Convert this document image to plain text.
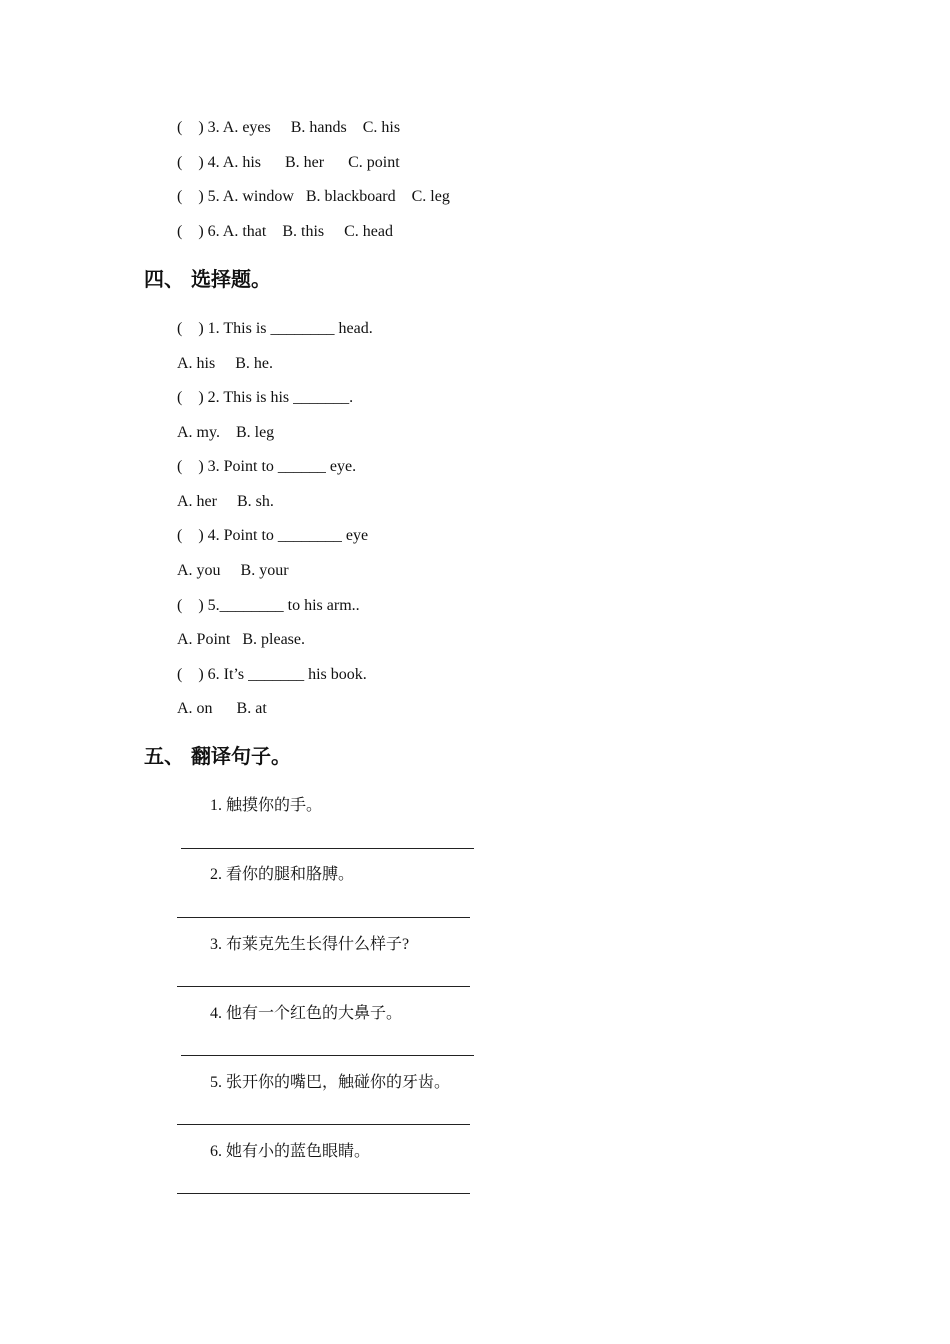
(    ) 3. A. eyes     B. hands    C. his
(    ) 4. A. his      B. her      C. point
(    ) 5. A. window   B. blackboard    C. leg
(    ) 6. A. that    B. this     C. head
四、 选择题。
(    ) 1. This is ________ head.
A. his     B. he.
(    ) 2. This is his _______.
A. my.    B. leg
(    ) 3. Point to ______ eye.
A. her     B. sh.
(    ) 4. Point to ________ eye
A. you     B. your
(    ) 5.________ to his arm..
A. Point   B. please.
(    ) 6. It’s _______ his book.
A. on      B. at
五、 翻译句子。
1. 触摸你的手。
2. 看你的腿和胳膊。
3. 布莱克先生长得什么样子?
4. 他有一个红色的大鼻子。
5. 张开你的嘴巴，触碰你的牙齿。
6. 她有小的蓝色眼睛。
